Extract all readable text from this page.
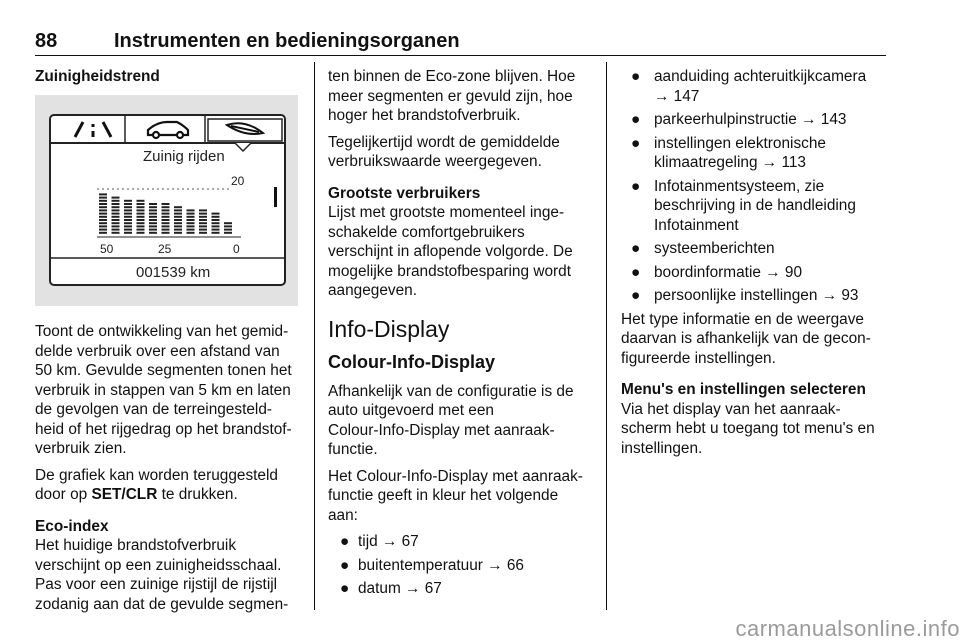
88	Instrumenten en bedieningsorganen

Zuinigheidstrend

Zuinig rijden
20
50	25	0
001539 km

Toont de ontwikkeling van het gemid-

delde verbruik over een afstand van

50 km. Gevulde segmenten tonen het

verbruik in stappen van 5 km en laten

de gevolgen van de terreingesteld-

heid of het rijgedrag op het brandstof-

verbruik zien.

De grafiek kan worden teruggesteld

door op SET/CLR te drukken.

Eco-index

Het huidige brandstofverbruik

verschijnt op een zuinigheidsschaal.

Pas voor een zuinige rijstijl de rijstijl

zodanig aan dat de gevulde segmen-

ten binnen de Eco-zone blijven. Hoe

meer segmenten er gevuld zijn, hoe

hoger het brandstofverbruik.

Tegelijkertijd wordt de gemiddelde

verbruikswaarde weergegeven.

Grootste verbruikers

Lijst met grootste momenteel inge-

schakelde comfortgebruikers

verschijnt in aflopende volgorde. De

mogelijke brandstofbesparing wordt

aangegeven.

Info-Display

Colour-Info-Display

Afhankelijk van de configuratie is de

auto uitgevoerd met een

Colour-Info-Display met aanraak-

functie.

Het Colour-Info-Display met aanraak-

functie geeft in kleur het volgende

aan:

● tijd → 67

● buitentemperatuur → 66

● datum → 67

● aanduiding achteruitkijkcamera

→ 147

● parkeerhulpinstructie → 143

● instellingen elektronische

klimaatregeling → 113

● Infotainmentsysteem, zie

beschrijving in de handleiding

Infotainment

● systeemberichten

● boordinformatie → 90

● persoonlijke instellingen → 93

Het type informatie en de weergave

daarvan is afhankelijk van de gecon-

figureerde instellingen.

Menu's en instellingen selecteren

Via het display van het aanraak-

scherm hebt u toegang tot menu's en

instellingen.

carmanualsonline.info
